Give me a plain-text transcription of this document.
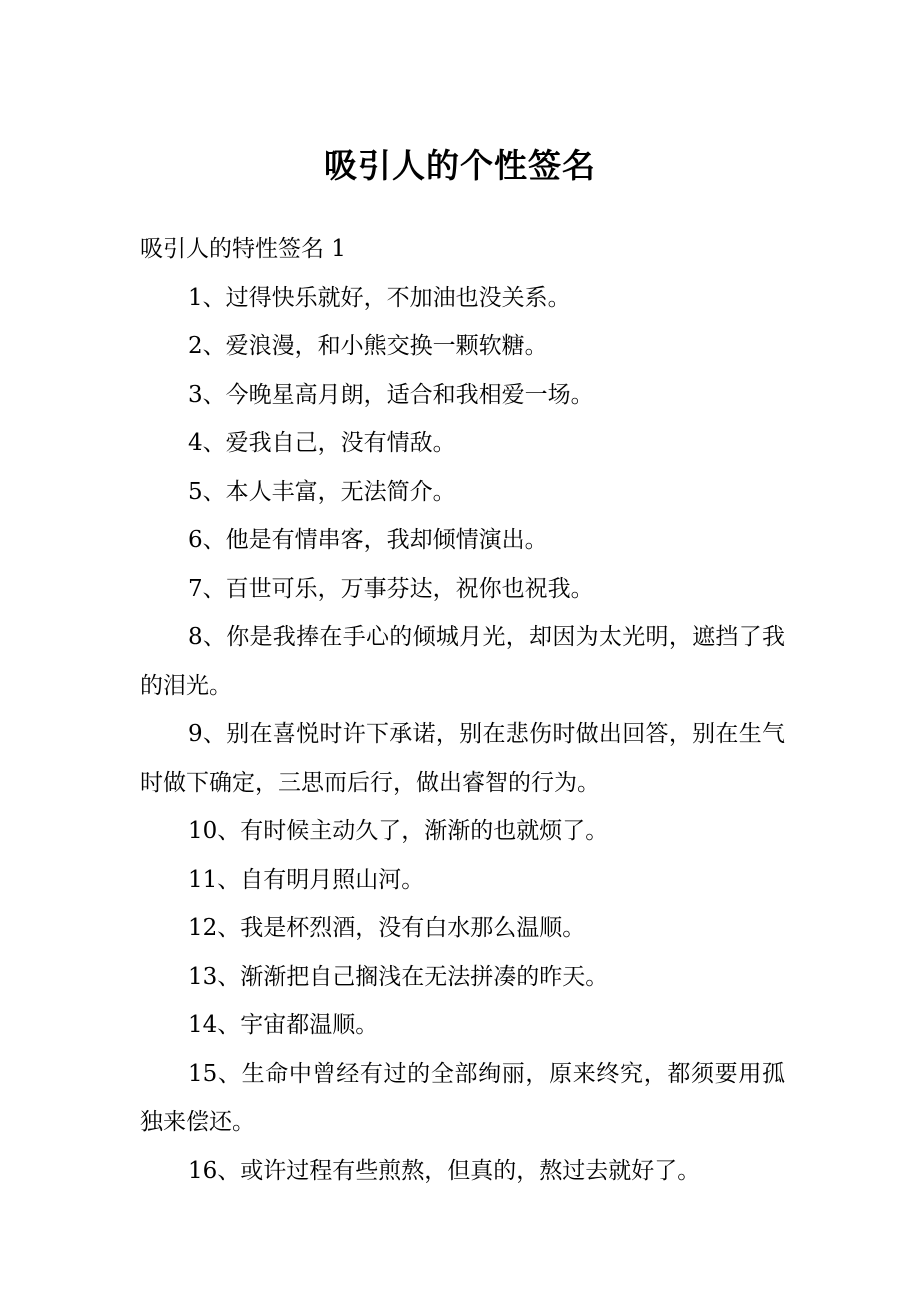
吸引人的个性签名

吸引人的特性签名 1

1、过得快乐就好，不加油也没关系。

2、爱浪漫，和小熊交换一颗软糖。

3、今晚星高月朗，适合和我相爱一场。

4、爱我自己，没有情敌。

5、本人丰富，无法简介。

6、他是有情串客，我却倾情演出。

7、百世可乐，万事芬达，祝你也祝我。

8、你是我捧在手心的倾城月光，却因为太光明，遮挡了我的泪光。

9、别在喜悦时许下承诺，别在悲伤时做出回答，别在生气时做下确定，三思而后行，做出睿智的行为。

10、有时候主动久了，渐渐的也就烦了。

11、自有明月照山河。

12、我是杯烈酒，没有白水那么温顺。

13、渐渐把自己搁浅在无法拼凑的昨天。

14、宇宙都温顺。

15、生命中曾经有过的全部绚丽，原来终究，都须要用孤独来偿还。

16、或许过程有些煎熬，但真的，熬过去就好了。
